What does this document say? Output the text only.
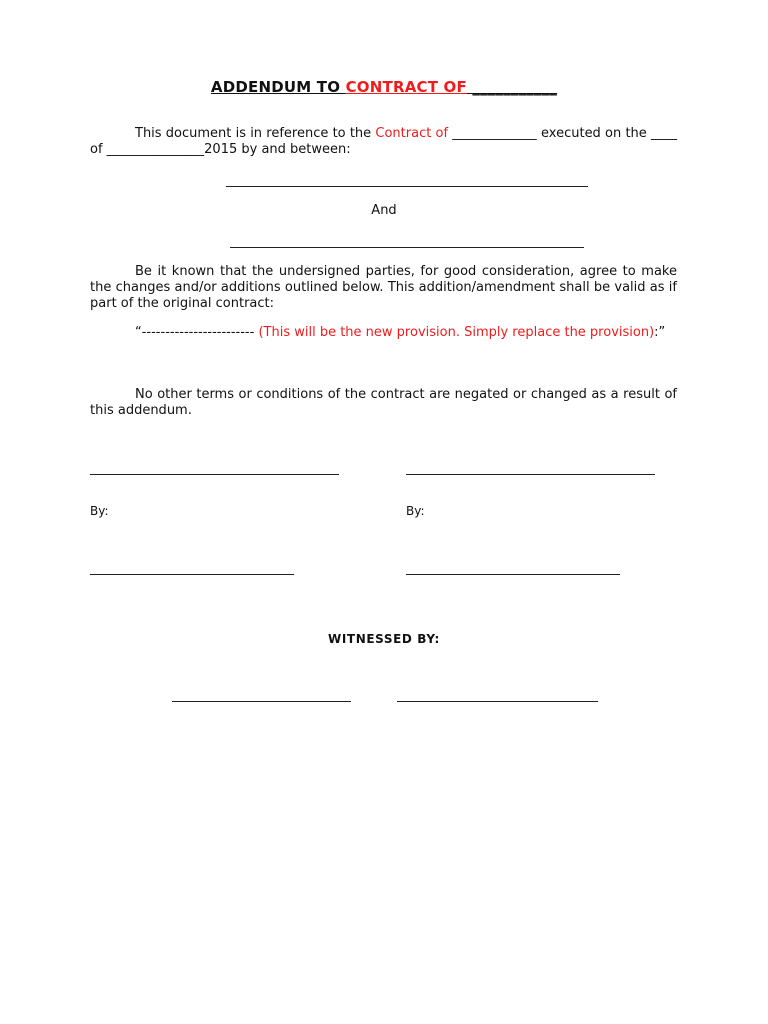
ADDENDUM TO CONTRACT OF ___________
This document is in reference to the Contract of _____________ executed on the ____ of _______________2015 by and between:
And
Be it known that the undersigned parties, for good consideration, agree to make the changes and/or additions outlined below. This addition/amendment shall be valid as if part of the original contract:
“------------------------ (This will be the new provision. Simply replace the provision):”
No other terms or conditions of the contract are negated or changed as a result of this addendum.
By:	By:
WITNESSED BY:
